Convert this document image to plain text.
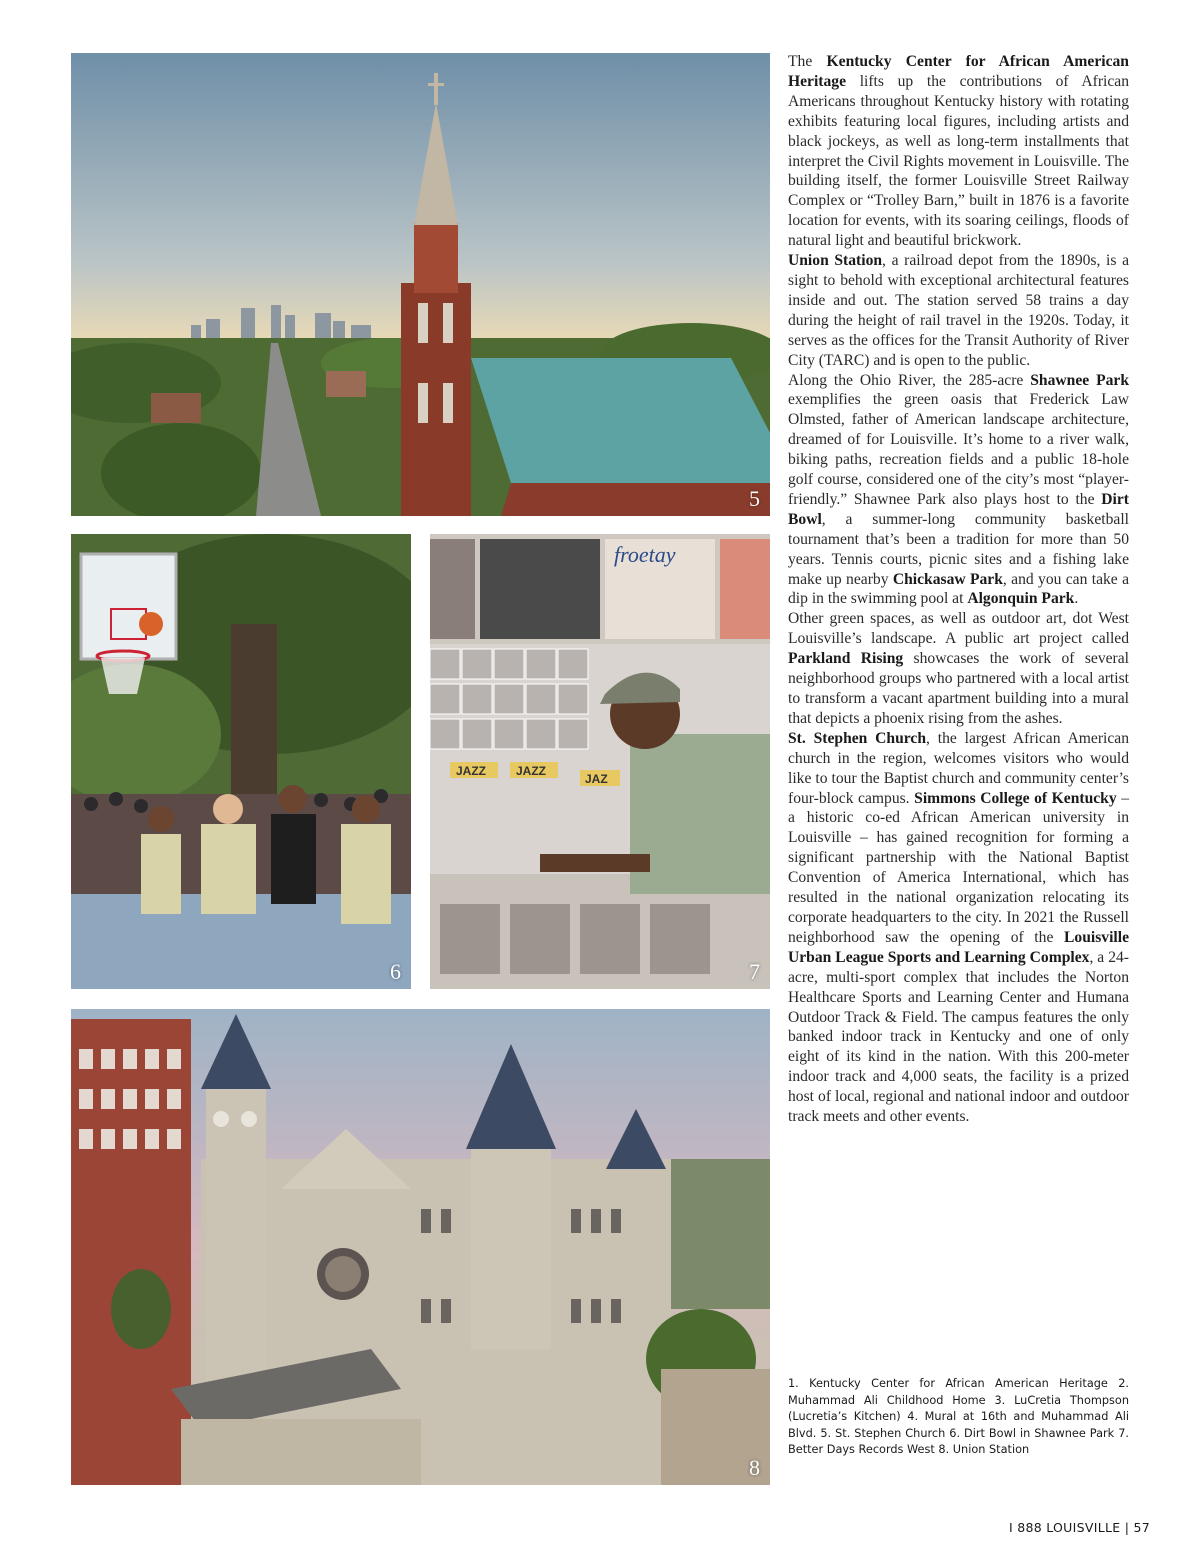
5
6
froetay
JAZZ	JAZZ
JAZ
7
8

The Kentucky Center for African American Heritage lifts up the contributions of African Americans throughout Kentucky history with rotating exhibits featuring local figures, including artists and black jockeys, as well as long-term installments that interpret the Civil Rights movement in Louisville. The building itself, the former Louisville Street Railway Complex or “Trolley Barn,” built in 1876 is a favorite location for events, with its soaring ceilings, floods of natural light and beautiful brickwork.

Union Station, a railroad depot from the 1890s, is a sight to behold with exceptional architectural features inside and out. The station served 58 trains a day during the height of rail travel in the 1920s. Today, it serves as the offices for the Transit Authority of River City (TARC) and is open to the public.

Along the Ohio River, the 285-acre Shawnee Park exemplifies the green oasis that Frederick Law Olmsted, father of American landscape architecture, dreamed of for Louisville. It’s home to a river walk, biking paths, recreation fields and a public 18-hole golf course, considered one of the city’s most “player-friendly.” Shawnee Park also plays host to the Dirt Bowl, a summer-long community basketball tournament that’s been a tradition for more than 50 years. Tennis courts, picnic sites and a fishing lake make up nearby Chickasaw Park, and you can take a dip in the swimming pool at Algonquin Park.

Other green spaces, as well as outdoor art, dot West Louisville’s landscape. A public art project called Parkland Rising showcases the work of several neighborhood groups who partnered with a local artist to transform a vacant apartment building into a mural that depicts a phoenix rising from the ashes.

St. Stephen Church, the largest African American church in the region, welcomes visitors who would like to tour the Baptist church and community center’s four-block campus. Simmons College of Kentucky – a historic co-ed African American university in Louisville – has gained recognition for forming a significant partnership with the National Baptist Convention of America International, which has resulted in the national organization relocating its corporate headquarters to the city. In 2021 the Russell neighborhood saw the opening of the Louisville Urban League Sports and Learning Complex, a 24-acre, multi-sport complex that includes the Norton Healthcare Sports and Learning Center and Humana Outdoor Track & Field. The campus features the only banked indoor track in Kentucky and one of only eight of its kind in the nation. With this 200-meter indoor track and 4,000 seats, the facility is a prized host of local, regional and national indoor and outdoor track meets and other events.

1. Kentucky Center for African American Heritage 2. Muhammad Ali Childhood Home 3. LuCretia Thompson (Lucretia’s Kitchen) 4. Mural at 16th and Muhammad Ali Blvd. 5. St. Stephen Church 6. Dirt Bowl in Shawnee Park 7. Better Days Records West 8. Union Station
I 888 LOUISVILLE | 57
